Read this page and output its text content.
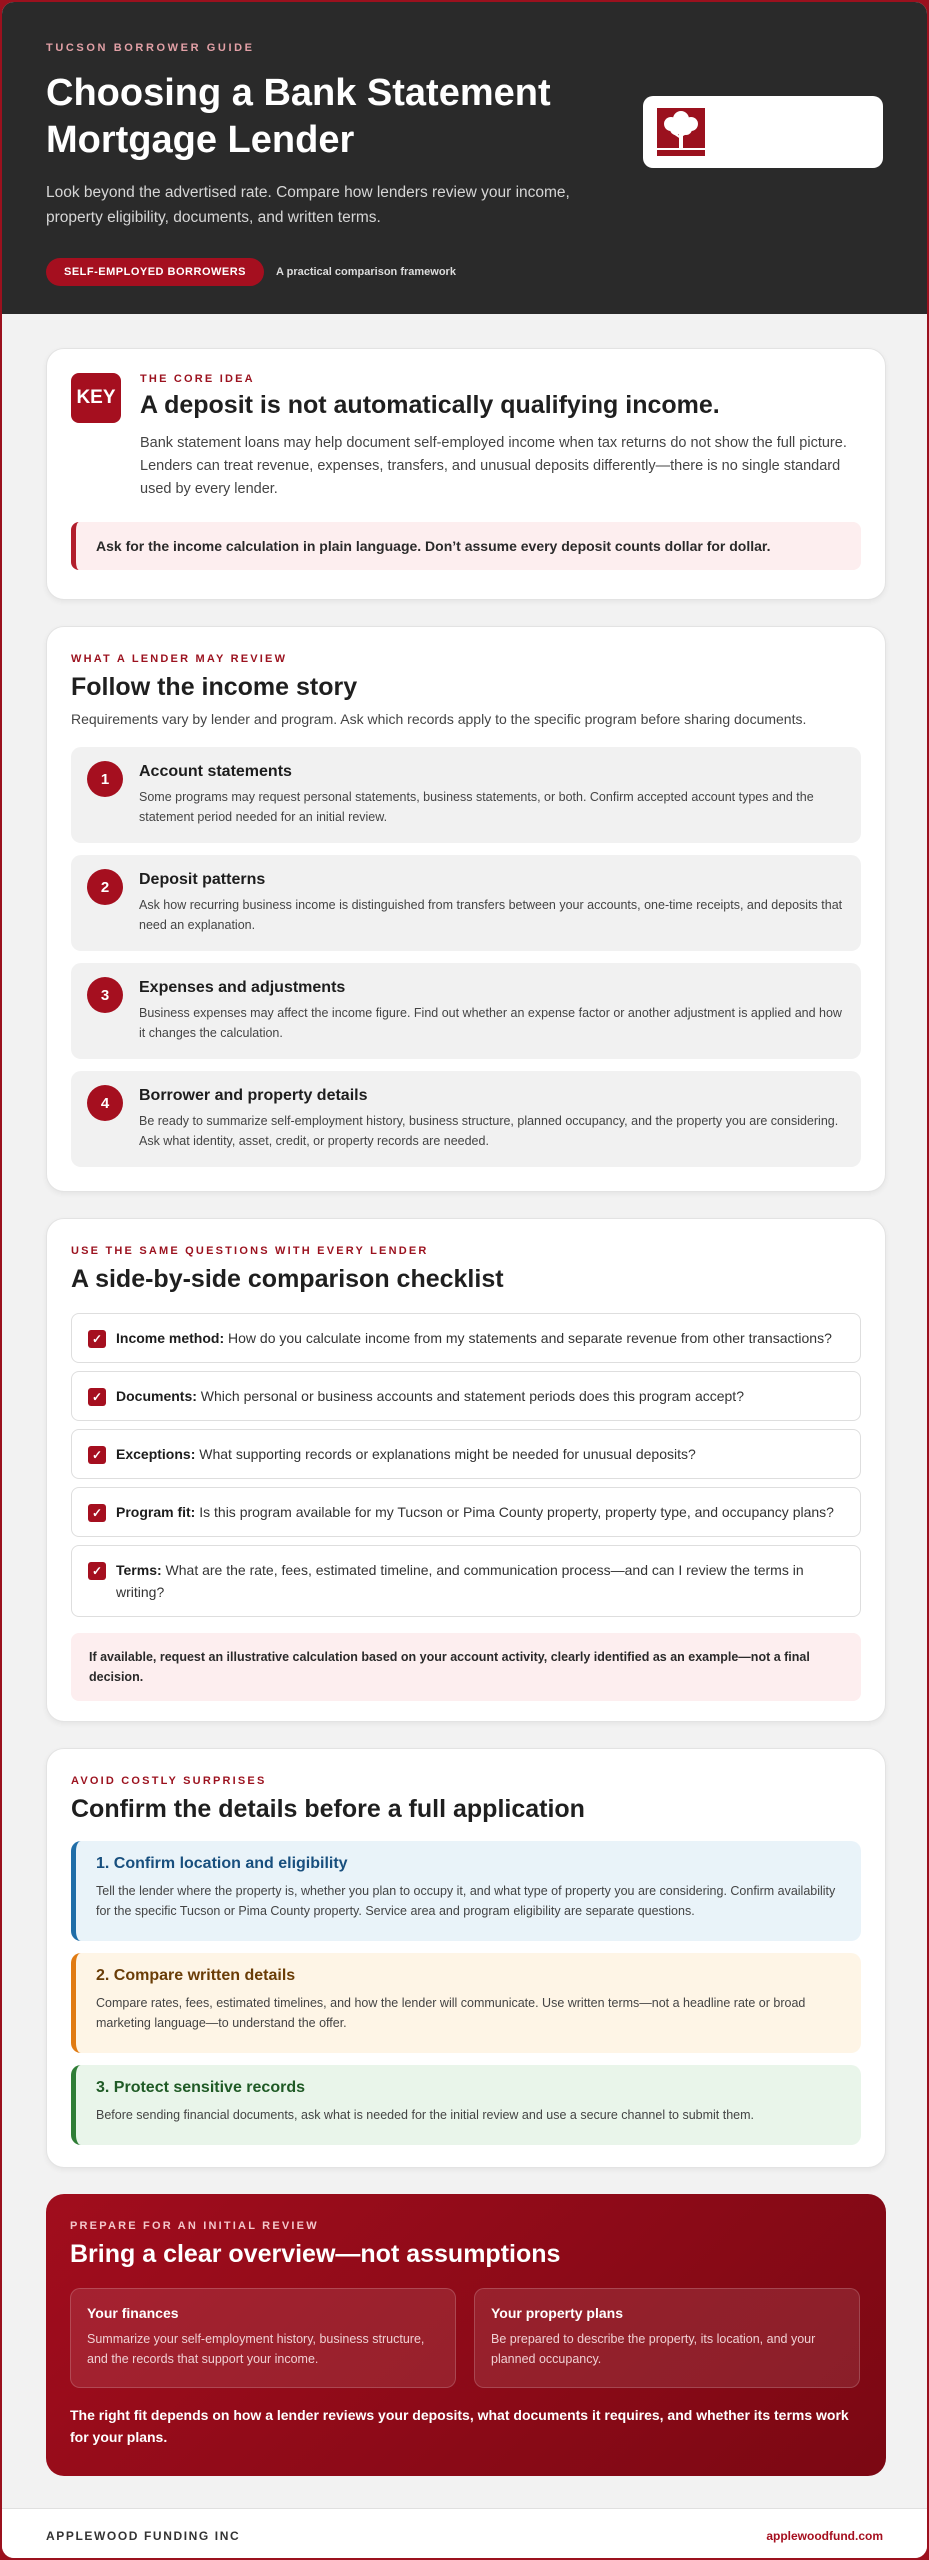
TUCSON BORROWER GUIDE
Choosing a Bank Statement Mortgage Lender

Look beyond the advertised rate. Compare how lenders review your income, property eligibility, documents, and written terms.

SELF-EMPLOYED BORROWERS	A practical comparison framework
KEY
THE CORE IDEA
A deposit is not automatically qualifying income.

Bank statement loans may help document self-employed income when tax returns do not show the full picture. Lenders can treat revenue, expenses, transfers, and unusual deposits differently—there is no single standard used by every lender.

Ask for the income calculation in plain language. Don’t assume every deposit counts dollar for dollar.
WHAT A LENDER MAY REVIEW
Follow the income story

Requirements vary by lender and program. Ask which records apply to the specific program before sharing documents.

1	Account statements
Some programs may request personal statements, business statements, or both. Confirm accepted account types and the statement period needed for an initial review.
2	Deposit patterns
Ask how recurring business income is distinguished from transfers between your accounts, one-time receipts, and deposits that need an explanation.
3	Expenses and adjustments
Business expenses may affect the income figure. Find out whether an expense factor or another adjustment is applied and how it changes the calculation.
4	Borrower and property details
Be ready to summarize self-employment history, business structure, planned occupancy, and the property you are considering. Ask what identity, asset, credit, or property records are needed.
USE THE SAME QUESTIONS WITH EVERY LENDER
A side-by-side comparison checklist
✓ Income method: How do you calculate income from my statements and separate revenue from other transactions?
✓ Documents: Which personal or business accounts and statement periods does this program accept?
✓ Exceptions: What supporting records or explanations might be needed for unusual deposits?
✓ Program fit: Is this program available for my Tucson or Pima County property, property type, and occupancy plans?
✓ Terms: What are the rate, fees, estimated timeline, and communication process—and can I review the terms in writing?
If available, request an illustrative calculation based on your account activity, clearly identified as an example—not a final decision.
AVOID COSTLY SURPRISES
Confirm the details before a full application
1. Confirm location and eligibility
Tell the lender where the property is, whether you plan to occupy it, and what type of property you are considering. Confirm availability for the specific Tucson or Pima County property. Service area and program eligibility are separate questions.
2. Compare written details
Compare rates, fees, estimated timelines, and how the lender will communicate. Use written terms—not a headline rate or broad marketing language—to understand the offer.
3. Protect sensitive records
Before sending financial documents, ask what is needed for the initial review and use a secure channel to submit them.
PREPARE FOR AN INITIAL REVIEW
Bring a clear overview—not assumptions
Your finances
Summarize your self-employment history, business structure, and the records that support your income.
Your property plans
Be prepared to describe the property, its location, and your planned occupancy.
The right fit depends on how a lender reviews your deposits, what documents it requires, and whether its terms work for your plans.
APPLEWOOD FUNDING INC	applewoodfund.com
